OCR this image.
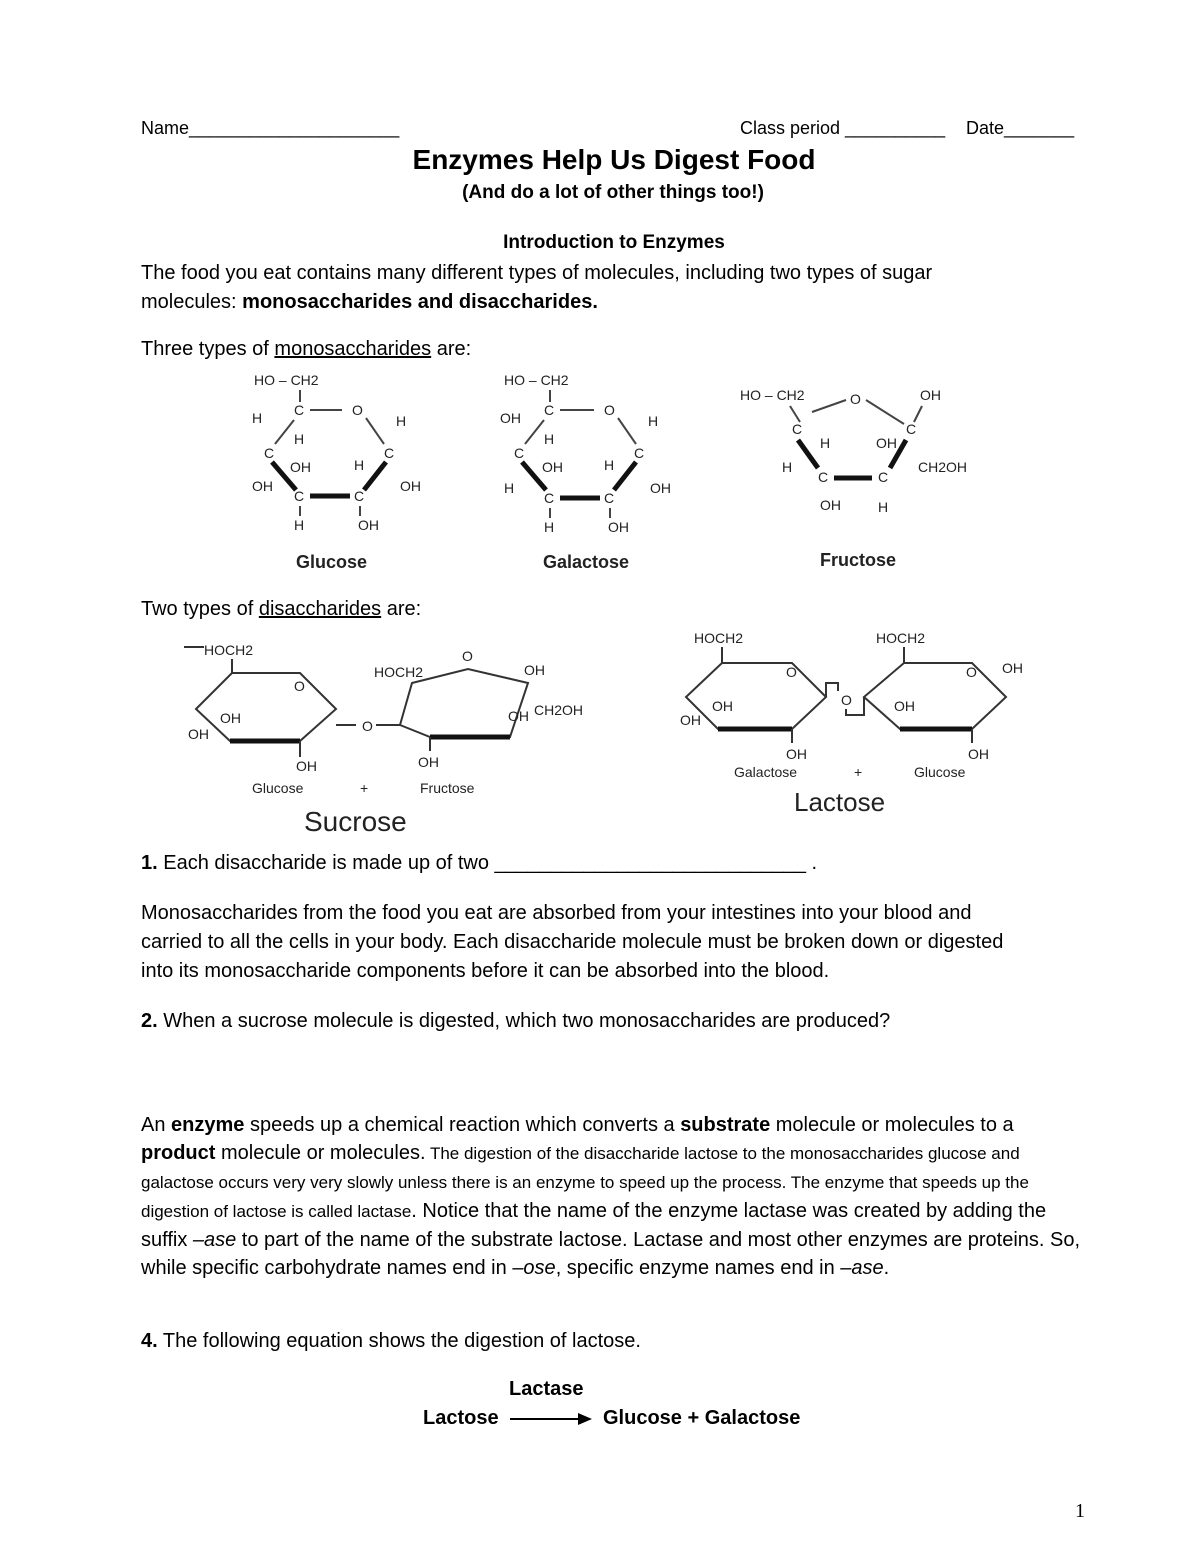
Name_____________________	Class period __________ Date_______
Enzymes Help Us Digest Food
(And do a lot of other things too!)
Introduction to Enzymes
The food you eat contains many different types of molecules, including two types of sugar
molecules: monosaccharides and disaccharides.
Three types of monosaccharides are:
HO – CH2
C	O
H
H
H
C	C
OH	H
OH	OH
C	C
H	OH
Glucose
HO – CH2
C	O
OH
H
H
C	C
OH	H
H	OH
C	C
H	OH
Galactose
HO – CH2	O	OH
C	C
H	OH
H	CH2OH
C	C
OH	H
Fructose
Two types of disaccharides are:
HOCH2
O
OH
OH
OH
O
HOCH2
O
OH
OH CH2OH
OH
Glucose	+	Fructose
Sucrose
HOCH2
O
OH
OH
OH
O
HOCH2
O OH
OH
OH
Galactose	+	Glucose
Lactose
1. Each disaccharide is made up of two ____________________________ .
Monosaccharides from the food you eat are absorbed from your intestines into your blood and
carried to all the cells in your body. Each disaccharide molecule must be broken down or digested
into its monosaccharide components before it can be absorbed into the blood.
2. When a sucrose molecule is digested, which two monosaccharides are produced?
An enzyme speeds up a chemical reaction which converts a substrate molecule or molecules to a product molecule or molecules. The digestion of the disaccharide lactose to the monosaccharides glucose and galactose occurs very very slowly unless there is an enzyme to speed up the process. The enzyme that speeds up the digestion of lactose is called lactase. Notice that the name of the enzyme lactase was created by adding the suffix –ase to part of the name of the substrate lactose. Lactase and most other enzymes are proteins. So, while specific carbohydrate names end in –ose, specific enzyme names end in –ase.
4. The following equation shows the digestion of lactose.
Lactase
Lactose	Glucose + Galactose
1
